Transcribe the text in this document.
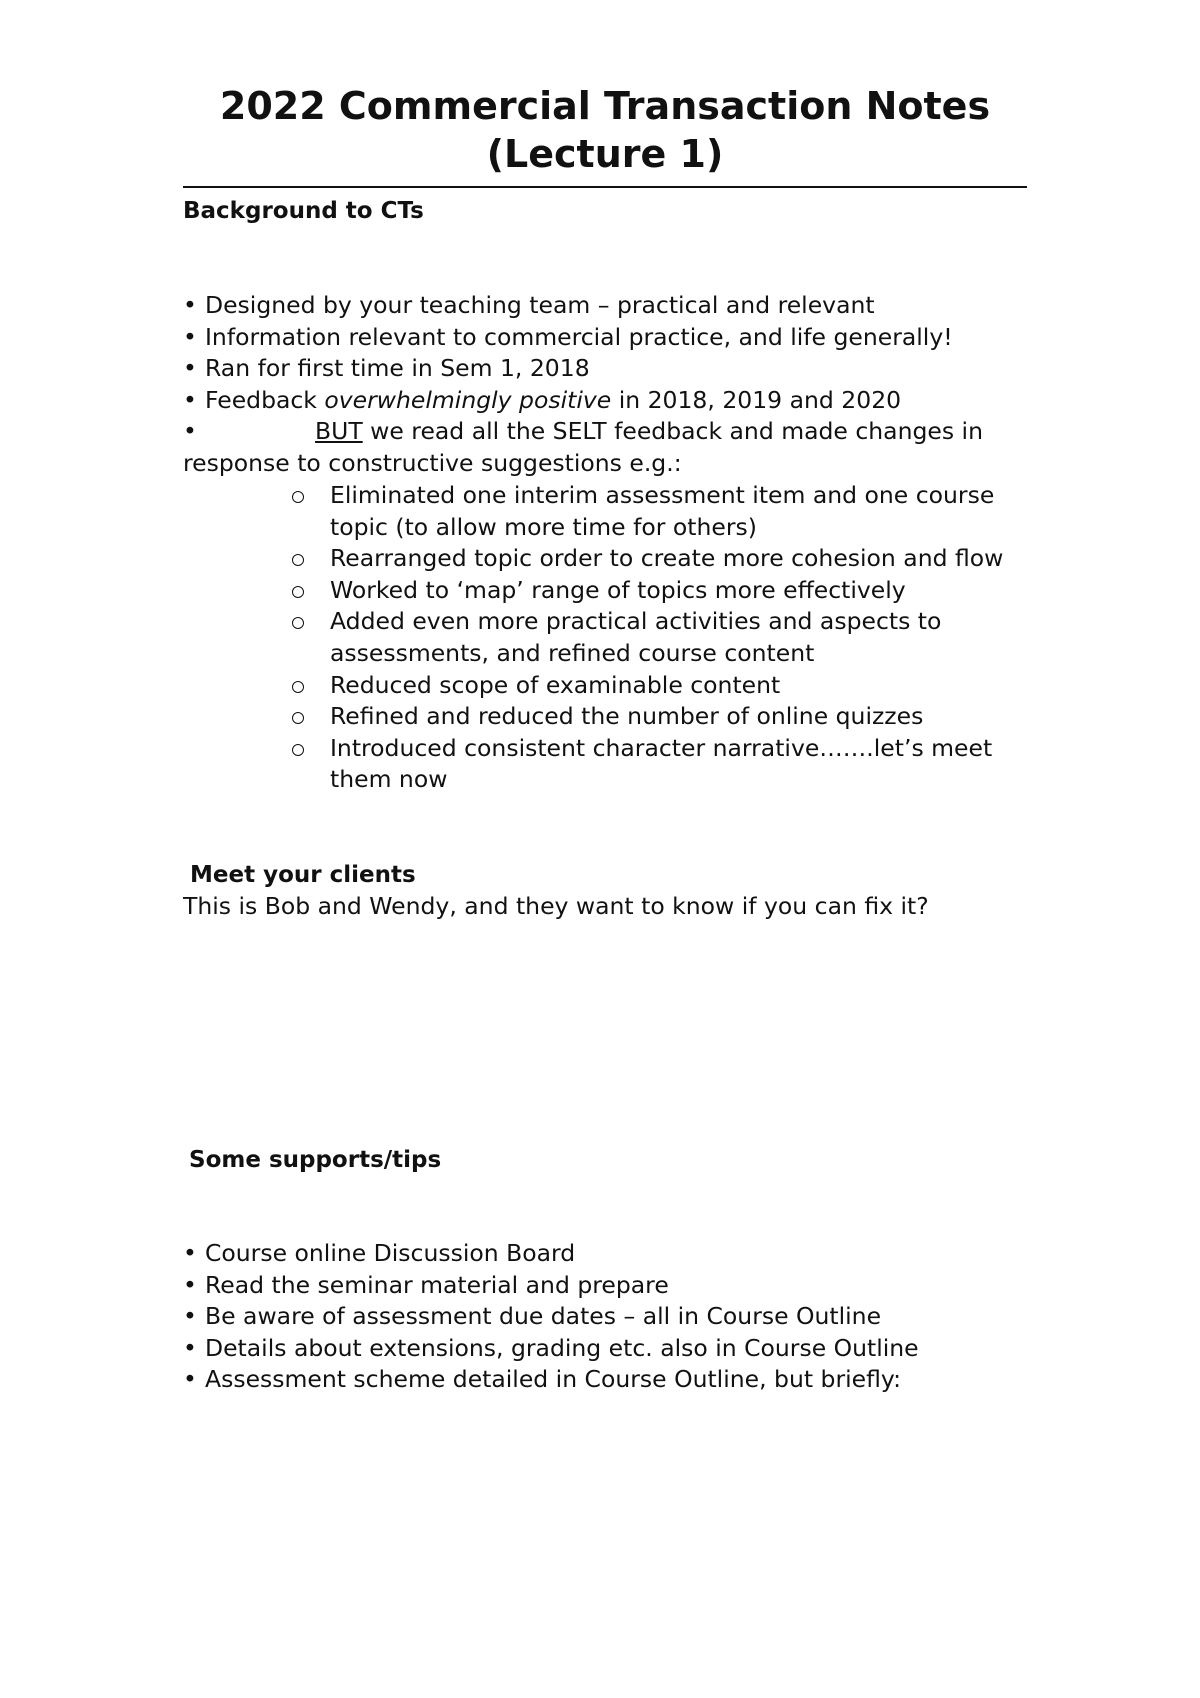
2022 Commercial Transaction Notes
(Lecture 1)
Background to CTs
• Designed by your teaching team – practical and relevant
• Information relevant to commercial practice, and life generally!
• Ran for first time in Sem 1, 2018
• Feedback overwhelmingly positive in 2018, 2019 and 2020
•	BUT we read all the SELT feedback and made changes in response to constructive suggestions e.g.:
Eliminated one interim assessment item and one course topic (to allow more time for others)
Rearranged topic order to create more cohesion and flow
Worked to ‘map’ range of topics more effectively
Added even more practical activities and aspects to assessments, and refined course content
Reduced scope of examinable content
Refined and reduced the number of online quizzes
Introduced consistent character narrative…….let’s meet them now
Meet your clients
This is Bob and Wendy, and they want to know if you can fix it?
Some supports/tips
• Course online Discussion Board
• Read the seminar material and prepare
• Be aware of assessment due dates – all in Course Outline
• Details about extensions, grading etc. also in Course Outline
• Assessment scheme detailed in Course Outline, but briefly:
